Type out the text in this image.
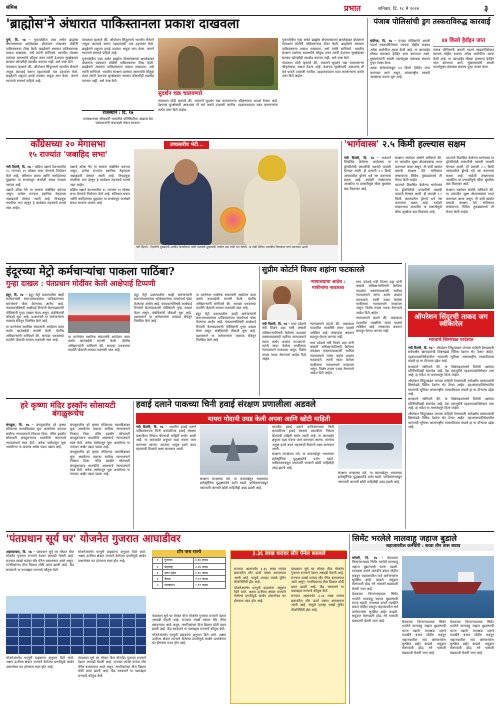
संमिश्र	प्रभात	शनिवार, दि. १८ मे २०२४	३
'ब्राह्मोस'ने अंधारात पाकिस्तानला प्रकाश दाखवला

पुणे, दि. १७ - गुजरातेतील एका सभेत ब्राह्मोस क्षेपणास्त्राच्या क्षमतेबाबत बोलताना पंतप्रधान मोदींनी पाकिस्तानवर टीका केली. ब्राह्मोसने अंधारात पाकिस्तानला प्रकाश दाखवला, असे त्यांनी सांगितले. भारतीय संरक्षण दलांच्या सामर्थ्याचे कौतुक करत त्यांनी देशाच्या सुरक्षेबाबत सरकार कोणतीही तडजोड करणार नाही, असे स्पष्ट केले.

पंतप्रधान म्हणाले की, ऑपरेशन सिंदूरमध्ये भारतीय सैन्याने अचूक कारवाई करून दहशतवादी तळ उद्ध्वस्त केले. ब्राह्मोसने शत्रूच्या हवाई तळांवर अचूक मारा केला. जगाने भारताचे सामर्थ्य पाहिले आहे.

पंतप्रधान म्हणाले की, ऑपरेशन सिंदूरमध्ये भारतीय सैन्याने अचूक कारवाई करून दहशतवादी तळ उद्ध्वस्त केले. ब्राह्मोसने शत्रूच्या हवाई तळांवर अचूक मारा केला. जगाने भारताचे सामर्थ्य पाहिले आहे.

गुजरातेतील एका सभेत ब्राह्मोस क्षेपणास्त्राच्या क्षमतेबाबत बोलताना पंतप्रधान मोदींनी पाकिस्तानवर टीका केली. ब्राह्मोसने अंधारात पाकिस्तानला प्रकाश दाखवला, असे त्यांनी सांगितले. भारतीय संरक्षण दलांच्या सामर्थ्याचे कौतुक करत त्यांनी देशाच्या सुरक्षेबाबत सरकार कोणतीही तडजोड करणार नाही, असे स्पष्ट केले.

राजस्थान : दि. १७
राजस्थानच्या सीमावर्ती भागातील परिस्थितीचा आढावा घेत पंतप्रधानांनी जवानांशी संवाद साधला.
सुदर्शन चक्र चालवणारे
पंतप्रधान मोदी म्हणाले की, भारताने सुदर्शन चक्र चालवणाऱ्या श्रीकृष्णाचा आदर्श ठेवला आहे. देशाच्या सुरक्षेसाठी आवश्यक ती सर्व पावले उचलली जातील. दहशतवादाला मदत करणाऱ्यांना कठोर उत्तर दिले जाईल.

गुजरातेतील एका सभेत ब्राह्मोस क्षेपणास्त्राच्या क्षमतेबाबत बोलताना पंतप्रधान मोदींनी पाकिस्तानवर टीका केली. ब्राह्मोसने अंधारात पाकिस्तानला प्रकाश दाखवला, असे त्यांनी सांगितले. भारतीय संरक्षण दलांच्या सामर्थ्याचे कौतुक करत त्यांनी देशाच्या सुरक्षेबाबत सरकार कोणतीही तडजोड करणार नाही, असे स्पष्ट केले.

पंतप्रधान मोदी म्हणाले की, भारताने सुदर्शन चक्र चालवणाऱ्या श्रीकृष्णाचा आदर्श ठेवला आहे. देशाच्या सुरक्षेसाठी आवश्यक ती सर्व पावले उचलली जातील. दहशतवादाला मदत करणाऱ्यांना कठोर उत्तर दिले जाईल.

पंजाब पोलिसांची ड्रग तस्कराविरुद्ध कारवाई

चंदीगड, दि. १७ - पंजाब पोलिसांनी अमली पदार्थ तस्करांविरोधात व्यापक मोहीम राबवत अनेक आरोपींना अटक केली आहे. या कारवाईत मोठ्या प्रमाणात हेरॉईन जप्त करण्यात आले. मुख्यमंत्र्यांनी अमली पदार्थमुक्त पंजाबचा संकल्प पुन्हा व्यक्त केला.

अटक केलेल्यांकडून ४४ किलो हेरॉईन जप्त करण्यात आले असून, आंतरराष्ट्रीय तस्करी जाळ्याचा तपास सुरू आहे.

४४ किलो हेरॉइन जप्त
पंजाब पोलिसांनी अमली पदार्थ तस्करांविरोधात व्यापक मोहीम राबवत अनेक आरोपींना अटक केली आहे. या कारवाईत मोठ्या प्रमाणात हेरॉईन जप्त करण्यात आले. मुख्यमंत्र्यांनी अमली पदार्थमुक्त पंजाबचा संकल्प पुन्हा व्यक्त केला.
काँग्रेसच्या २० मेगासभा
१५ राज्यांत 'जबाहिद सभा'

नवी दिल्ली, दि. १७ - काँग्रेस पक्षाने देशभरातील १५ राज्यांत २० मोठ्या सभा घेण्याचे नियोजन केले आहे. संविधान बचाव आणि जनहिताच्या मुद्द्यांवर या सभांमधून जनतेशी संवाद साधला जाणार आहे.

पक्षाचे वरिष्ठ नेते या सभांना संबोधित करणार असून, प्रत्येक राज्यात स्थानिक नेतृत्वाला जबाबदारी देण्यात आली आहे. निवडणूक तयारीचा भाग म्हणून हे कार्यक्रम महत्त्वाचे मानले जात आहेत.

पक्षाचे वरिष्ठ नेते या सभांना संबोधित करणार असून, प्रत्येक राज्यात स्थानिक नेतृत्वाला जबाबदारी देण्यात आली आहे. निवडणूक तयारीचा भाग म्हणून हे कार्यक्रम महत्त्वाचे मानले जात आहेत.

काँग्रेस पक्षाने देशभरातील १५ राज्यांत २० मोठ्या सभा घेण्याचे नियोजन केले आहे. संविधान बचाव आणि जनहिताच्या मुद्द्यांवर या सभांमधून जनतेशी संवाद साधला जाणार आहे.

उच्चस्तरीय भेटी...
नवी दिल्ली : दिल्लीचे मुख्यमंत्री अरविंद केजरीवाल यांची पंजाबचे मुख्यमंत्री भगवंत मान यांनी भेट घेतली. या वेळी विविध राजकीय विषयांवर चर्चा करण्यात आली.
'भार्गवास्त्र' २.५ किमी हल्ल्यास सक्षम

नवी दिल्ली, दि. १७ - भारताने विकसित केलेल्या भार्गवास्त्र या ड्रोनविरोधी प्रणालीची यशस्वी चाचणी घेण्यात आली. ही प्रणाली २.५ किमी अंतरावरील ड्रोनचे थवे नष्ट करण्यास सक्षम आहे. स्वदेशी तंत्रज्ञानावर आधारित या प्रणालीमुळे सीमा सुरक्षेला बळ मिळणार आहे.

संरक्षण संशोधन संस्थेने सांगितले की, या प्रणालीत सूक्ष्म क्षेपणास्त्रांचा वापर करण्यात आला असून, ती कमी खर्चात प्रभावी संरक्षण देते. भविष्यात लष्कराच्या विविध तुकड्यांमध्ये ती तैनात केली जाईल.

भारताने विकसित केलेल्या भार्गवास्त्र या ड्रोनविरोधी प्रणालीची यशस्वी चाचणी घेण्यात आली. ही प्रणाली २.५ किमी अंतरावरील ड्रोनचे थवे नष्ट करण्यास सक्षम आहे. स्वदेशी तंत्रज्ञानावर आधारित या प्रणालीमुळे सीमा सुरक्षेला बळ मिळणार आहे.

भारताने विकसित केलेल्या भार्गवास्त्र या ड्रोनविरोधी प्रणालीची यशस्वी चाचणी घेण्यात आली. ही प्रणाली २.५ किमी अंतरावरील ड्रोनचे थवे नष्ट करण्यास सक्षम आहे. स्वदेशी तंत्रज्ञानावर आधारित या प्रणालीमुळे सीमा सुरक्षेला बळ मिळणार आहे.

संरक्षण संशोधन संस्थेने सांगितले की, या प्रणालीत सूक्ष्म क्षेपणास्त्रांचा वापर करण्यात आला असून, ती कमी खर्चात प्रभावी संरक्षण देते. भविष्यात लष्कराच्या विविध तुकड्यांमध्ये ती तैनात केली जाईल.

इंदूरच्या मेट्रो कर्मचाऱ्यांचा पाकला पाठिंबा?
गुन्हा दाखल : पंतप्रधान मोदींवर केली आक्षेपार्ह टिप्पणी

इंदूर, दि. १७ - इंदूर मेट्रो प्रकल्पातील काही कर्मचाऱ्यांनी समाजमाध्यमांवर पाकिस्तानच्या समर्थनार्थ पोस्ट केल्याचा आरोप आहे. पंतप्रधानांविषयी आक्षेपार्ह टिप्पणी केल्याप्रकरणी पोलिसांनी गुन्हा दाखल केला असून, संबंधितांची चौकशी सुरू आहे. प्रशासनाने या कर्मचाऱ्यांना तत्काळ सेवेतून निलंबित केले आहे.

या घटनेनंतर स्थानिक संघटनांनी आंदोलन करत कठोर कारवाईची मागणी केली. पोलीस अधिकाऱ्यांनी सांगितले की, सायबर पथकाच्या मदतीने पोस्टची सत्यता तपासली जात आहे.

या घटनेनंतर स्थानिक संघटनांनी आंदोलन करत कठोर कारवाईची मागणी केली. पोलीस अधिकाऱ्यांनी सांगितले की, सायबर पथकाच्या मदतीने पोस्टची सत्यता तपासली जात आहे.

इंदूर मेट्रो प्रकल्पातील काही कर्मचाऱ्यांनी समाजमाध्यमांवर पाकिस्तानच्या समर्थनार्थ पोस्ट केल्याचा आरोप आहे. पंतप्रधानांविषयी आक्षेपार्ह टिप्पणी केल्याप्रकरणी पोलिसांनी गुन्हा दाखल केला असून, संबंधितांची चौकशी सुरू आहे. प्रशासनाने या कर्मचाऱ्यांना तत्काळ सेवेतून निलंबित केले आहे.

या घटनेनंतर स्थानिक संघटनांनी आंदोलन करत कठोर कारवाईची मागणी केली. पोलीस अधिकाऱ्यांनी सांगितले की, सायबर पथकाच्या मदतीने पोस्टची सत्यता तपासली जात आहे.

इंदूर मेट्रो प्रकल्पातील काही कर्मचाऱ्यांनी समाजमाध्यमांवर पाकिस्तानच्या समर्थनार्थ पोस्ट केल्याचा आरोप आहे. पंतप्रधानांविषयी आक्षेपार्ह टिप्पणी केल्याप्रकरणी पोलिसांनी गुन्हा दाखल केला असून, संबंधितांची चौकशी सुरू आहे. प्रशासनाने या कर्मचाऱ्यांना तत्काळ सेवेतून निलंबित केले आहे.

सुप्रीम कोर्टाने विजय शहांना फटकारले
न्यायालयाचा आदेश : माफीनामा नाकारला

नवी दिल्ली, दि. १७ - मध्य प्रदेशचे मंत्री विजय शहा यांनी लष्करी अधिकाऱ्याविषयी केलेल्या वादग्रस्त वक्तव्याप्रकरणी सर्वोच्च न्यायालयाने त्यांना कठोर शब्दांत फटकारले. त्यांनी सादर केलेला माफीनामा न्यायालयाने नाकारला असून, विशेष तपास पथक नेमण्याचे आदेश दिले आहेत.

न्यायालयाने म्हटले की, जबाबदार पदावरील व्यक्तींनी संयम पाळणे अपेक्षित आहे. लष्कराचा अवमान खपवून घेतला जाणार नाही.

मध्य प्रदेशचे मंत्री विजय शहा यांनी लष्करी अधिकाऱ्याविषयी केलेल्या वादग्रस्त वक्तव्याप्रकरणी सर्वोच्च न्यायालयाने त्यांना कठोर शब्दांत फटकारले. त्यांनी सादर केलेला माफीनामा न्यायालयाने नाकारला असून, विशेष तपास पथक नेमण्याचे आदेश दिले आहेत.

मध्य प्रदेशचे मंत्री विजय शहा यांनी लष्करी अधिकाऱ्याविषयी केलेल्या वादग्रस्त वक्तव्याप्रकरणी सर्वोच्च न्यायालयाने त्यांना कठोर शब्दांत फटकारले. त्यांनी सादर केलेला माफीनामा न्यायालयाने नाकारला असून, विशेष तपास पथक नेमण्याचे आदेश दिले आहेत.

न्यायालयाने म्हटले की, जबाबदार पदावरील व्यक्तींनी संयम पाळणे अपेक्षित आहे. लष्कराचा अवमान खपवून घेतला जाणार नाही.

ऑपरेशन सिंदूरची ताकद जग स्वीकारेल
भारताचे शिष्टमंडळ परदेशात

नवी दिल्ली, दि. १७ - ऑपरेशन सिंदूरबाबत जगाला माहिती देण्यासाठी सर्वपक्षीय खासदारांची शिष्टमंडळे विविध देशांना भेट देणार आहेत. दहशतवादाविरोधातील भारताची भूमिका आंतरराष्ट्रीय व्यासपीठावर मांडणे हा या दौऱ्याचा उद्देश आहे.

सरकारने सांगितले की, या शिष्टमंडळांमध्ये विरोधी पक्षांच्या प्रतिनिधींचाही समावेश आहे. देश एकजुटीने दहशतवादाविरोधात उभा आहे, हा संदेश या माध्यमातून दिला जाईल.

ऑपरेशन सिंदूरबाबत जगाला माहिती देण्यासाठी सर्वपक्षीय खासदारांची शिष्टमंडळे विविध देशांना भेट देणार आहेत. दहशतवादाविरोधातील भारताची भूमिका आंतरराष्ट्रीय व्यासपीठावर मांडणे हा या दौऱ्याचा उद्देश आहे.

सरकारने सांगितले की, या शिष्टमंडळांमध्ये विरोधी पक्षांच्या प्रतिनिधींचाही समावेश आहे. देश एकजुटीने दहशतवादाविरोधात उभा आहे, हा संदेश या माध्यमातून दिला जाईल.

ऑपरेशन सिंदूरबाबत जगाला माहिती देण्यासाठी सर्वपक्षीय खासदारांची शिष्टमंडळे विविध देशांना भेट देणार आहेत. दहशतवादाविरोधातील भारताची भूमिका आंतरराष्ट्रीय व्यासपीठावर मांडणे हा या दौऱ्याचा उद्देश आहे.

हरे कृष्णा मंदिर इस्कॉन सोसायटी बंगळुरूचेच

बंगळुरू, दि. १७ - बंगळुरूतील हरे कृष्णा मंदिराच्या मालकीबाबत सुरू असलेल्या वादावर सर्वोच्च न्यायालयाने निकाल दिला. मंदिर इस्कॉन सोसायटी बंगळुरूच्याच मालकीचे असल्याचे न्यायालयाने स्पष्ट केले. अनेक वर्षांपासून सुरू असलेल्या या वादावर अखेर पडदा पडला आहे.

बंगळुरूतील हरे कृष्णा मंदिराच्या मालकीबाबत सुरू असलेल्या वादावर सर्वोच्च न्यायालयाने निकाल दिला. मंदिर इस्कॉन सोसायटी बंगळुरूच्याच मालकीचे असल्याचे न्यायालयाने स्पष्ट केले. अनेक वर्षांपासून सुरू असलेल्या या वादावर अखेर पडदा पडला आहे.

बंगळुरूतील हरे कृष्णा मंदिराच्या मालकीबाबत सुरू असलेल्या वादावर सर्वोच्च न्यायालयाने निकाल दिला. मंदिर इस्कॉन सोसायटी बंगळुरूच्याच मालकीचे असल्याचे न्यायालयाने स्पष्ट केले. अनेक वर्षांपासून सुरू असलेल्या या वादावर अखेर पडदा पडला आहे.

हवाई दलाने पाकच्या चिनी हवाई संरक्षण प्रणालीला अडवले
मायरा गोदानी उघड केली अपवा आणि खोटी माहिती

नवी दिल्ली, दि. १७ - भारतीय हवाई दलाने पाकिस्तानच्या चिनी बनावटीच्या हवाई संरक्षण प्रणालीला निष्प्रभ केल्याची माहिती समोर आली आहे. या कारवाईत शत्रूच्या रडार यंत्रणा जाम करण्यात आल्या. त्यानंतर अचूक हल्ले करत महत्त्वाची ठिकाणे लक्ष्य करण्यात आली.

संरक्षण तज्ज्ञांच्या मते, या कारवाईतून भारताच्या इलेक्ट्रॉनिक युद्धक्षमतेचे दर्शन घडले. पाकिस्तानकडून पसरवली जाणारी खोटी माहितीही उघड झाली आहे.

भारतीय हवाई दलाने पाकिस्तानच्या चिनी बनावटीच्या हवाई संरक्षण प्रणालीला निष्प्रभ केल्याची माहिती समोर आली आहे. या कारवाईत शत्रूच्या रडार यंत्रणा जाम करण्यात आल्या. त्यानंतर अचूक हल्ले करत महत्त्वाची ठिकाणे लक्ष्य करण्यात आली.

संरक्षण तज्ज्ञांच्या मते, या कारवाईतून भारताच्या इलेक्ट्रॉनिक युद्धक्षमतेचे दर्शन घडले. पाकिस्तानकडून पसरवली जाणारी खोटी माहितीही उघड झाली आहे.

संरक्षण तज्ज्ञांच्या मते, या कारवाईतून भारताच्या इलेक्ट्रॉनिक युद्धक्षमतेचे दर्शन घडले. पाकिस्तानकडून पसरवली जाणारी खोटी माहितीही उघड झाली आहे.

'पंतप्रधान सूर्य घर' योजनेत गुजरात आघाडीवर

अहमदाबाद, दि. १७ - पंतप्रधान सूर्य घर मोफत वीज योजनेत गुजरात राज्याने देशात आघाडी घेतली आहे. राज्यात लाखो घरांवर सौर पॅनेल बसवण्यात आले असून, नागरिकांच्या वीज बिलात मोठी बचत झाली आहे. केंद्र सरकारने या यशाबद्दल राज्याचे कौतुक केले.

योजनेअंतर्गत घरगुती ग्राहकांना अनुदान दिले जाते. अक्षय ऊर्जेच्या क्षेत्रात राज्याने केलेल्या प्रगतीमुळे कार्बन उत्सर्जनात घट होण्यास मदत होत आहे.

योजनेअंतर्गत घरगुती ग्राहकांना अनुदान दिले जाते. अक्षय ऊर्जेच्या क्षेत्रात राज्याने केलेल्या प्रगतीमुळे कार्बन उत्सर्जनात घट होण्यास मदत होत आहे.

पंतप्रधान सूर्य घर मोफत वीज योजनेत गुजरात राज्याने देशात आघाडी घेतली आहे. राज्यात लाखो घरांवर सौर पॅनेल बसवण्यात आले असून, नागरिकांच्या वीज बिलात मोठी बचत झाली आहे. केंद्र सरकारने या यशाबद्दल राज्याचे कौतुक केले.

टॉप पाच राज्ये
१	गुजरात	३.३६ लाख
२	महाराष्ट्र	२.२७ लाख
३	उत्तर प्रदेश	१.२६ लाख
४	केरळ	१.१२ लाख
५	राजस्थान	०.९१ लाख

पंतप्रधान सूर्य घर मोफत वीज योजनेत गुजरात राज्याने देशात आघाडी घेतली आहे. राज्यात लाखो घरांवर सौर पॅनेल बसवण्यात आले असून, नागरिकांच्या वीज बिलात मोठी बचत झाली आहे. केंद्र सरकारने या यशाबद्दल राज्याचे कौतुक केले.

योजनेअंतर्गत घरगुती ग्राहकांना अनुदान दिले जाते. अक्षय ऊर्जेच्या क्षेत्रात राज्याने केलेल्या प्रगतीमुळे कार्बन उत्सर्जनात घट होण्यास मदत होत आहे.

३.३६ लाख घरांवर सौर पॅनेल बसवले

राज्यात आतापर्यंत ३.३६ लाख घरांवर छतावरील सौर ऊर्जा यंत्रणा बसवण्यात आली आहे. यामुळे दरमहा लाखो युनिट वीजनिर्मिती होत आहे.

योजनेअंतर्गत घरगुती ग्राहकांना अनुदान दिले जाते. अक्षय ऊर्जेच्या क्षेत्रात राज्याने केलेल्या प्रगतीमुळे कार्बन उत्सर्जनात घट होण्यास मदत होत आहे.

पंतप्रधान सूर्य घर मोफत वीज योजनेत गुजरात राज्याने देशात आघाडी घेतली आहे. राज्यात लाखो घरांवर सौर पॅनेल बसवण्यात आले असून, नागरिकांच्या वीज बिलात मोठी बचत झाली आहे. केंद्र सरकारने या यशाबद्दल राज्याचे कौतुक केले.

राज्यात आतापर्यंत ३.३६ लाख घरांवर छतावरील सौर ऊर्जा यंत्रणा बसवण्यात आली आहे. यामुळे दरमहा लाखो युनिट वीजनिर्मिती होत आहे.

सिमेंट भरलेले मालवाहू जहाज बुडाले
जहाजावरील कर्मचारी : सव्वा तीन तास बचाव

कोच्ची, दि. १७ - केरळच्या किनाऱ्याजवळ सिमेंट भरलेले मालवाहू जहाज बुडाल्याची घटना घडली. तटरक्षक दलाने तातडीने बचाव मोहीम राबवून जहाजावरील सर्व कर्मचाऱ्यांना सुरक्षित बाहेर काढले. समुद्रात तेलगळती होऊ नये यासाठी खबरदारी घेतली जात आहे.

केरळच्या किनाऱ्याजवळ सिमेंट भरलेले मालवाहू जहाज बुडाल्याची घटना घडली. तटरक्षक दलाने तातडीने बचाव मोहीम राबवून जहाजावरील सर्व कर्मचाऱ्यांना सुरक्षित बाहेर काढले. समुद्रात तेलगळती होऊ नये यासाठी खबरदारी घेतली जात आहे.	केरळच्या किनाऱ्याजवळ सिमेंट भरलेले मालवाहू जहाज बुडाल्याची घटना घडली. तटरक्षक दलाने तातडीने बचाव मोहीम राबवून जहाजावरील सर्व कर्मचाऱ्यांना सुरक्षित बाहेर काढले. समुद्रात तेलगळती होऊ नये यासाठी खबरदारी घेतली जात आहे.

केरळच्या किनाऱ्याजवळ सिमेंट भरलेले मालवाहू जहाज बुडाल्याची घटना घडली. तटरक्षक दलाने तातडीने बचाव मोहीम राबवून जहाजावरील सर्व कर्मचाऱ्यांना सुरक्षित बाहेर काढले. समुद्रात तेलगळती होऊ नये यासाठी खबरदारी घेतली जात आहे.
